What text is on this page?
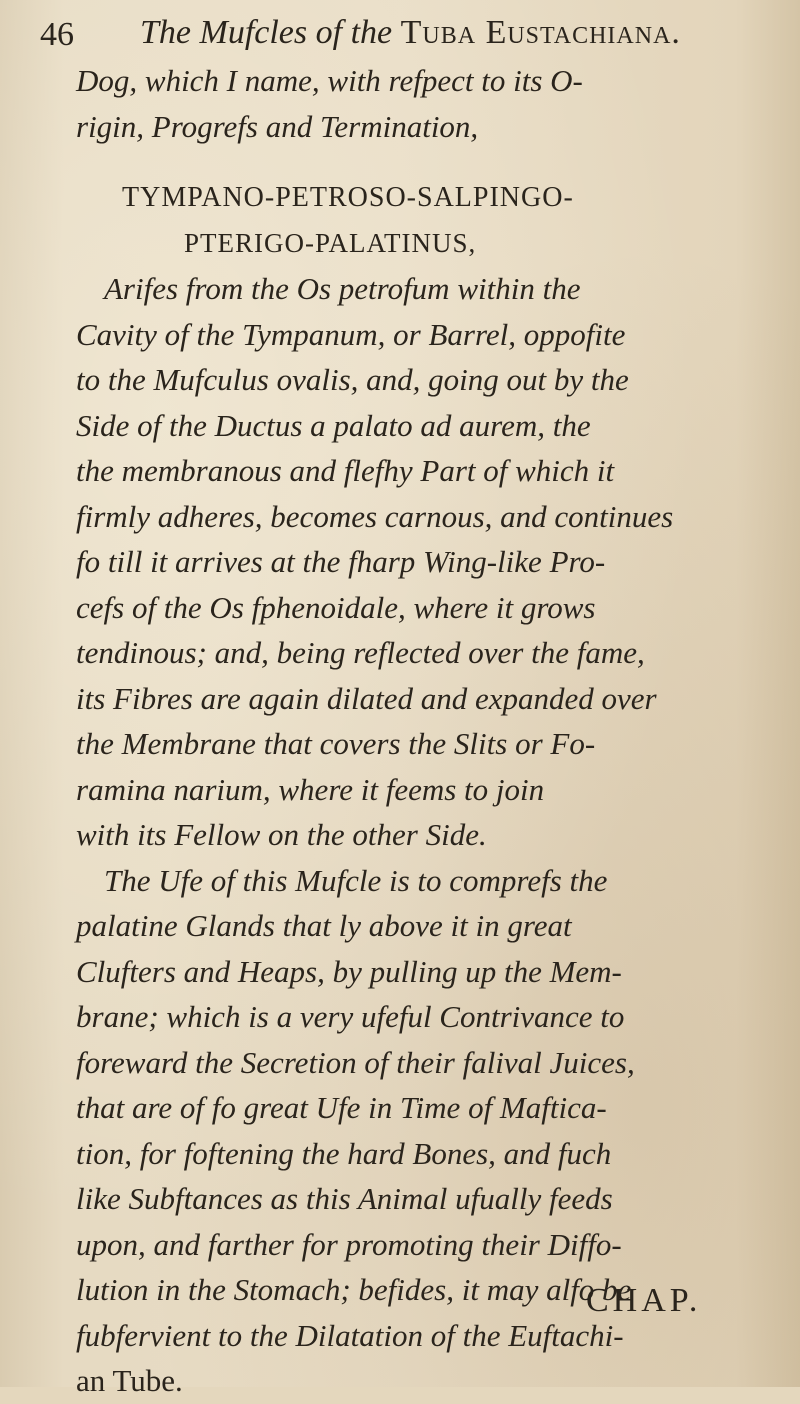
46 The Mufcles of the Tuba Eustachiana.
Dog, which I name, with refpect to its O-
rigin, Progrefs and Termination,
TYMPANO-PETROSO-SALPINGO-
PTERIGO-PALATINUS,
Arifes from the Os petrofum within the
Cavity of the Tympanum, or Barrel, oppofite
to the Mufculus ovalis, and, going out by the
Side of the Ductus a palato ad aurem, the
the membranous and flefhy Part of which it
firmly adheres, becomes carnous, and continues
fo till it arrives at the fharp Wing-like Pro-
cefs of the Os fphenoidale, where it grows
tendinous; and, being reflected over the fame,
its Fibres are again dilated and expanded over
the Membrane that covers the Slits or Fo-
ramina narium, where it feems to join
with its Fellow on the other Side.
The Ufe of this Mufcle is to comprefs the
palatine Glands that ly above it in great
Clufters and Heaps, by pulling up the Mem-
brane; which is a very ufeful Contrivance to
foreward the Secretion of their falival Juices,
that are of fo great Ufe in Time of Maftica-
tion, for foftening the hard Bones, and fuch
like Subftances as this Animal ufually feeds
upon, and farther for promoting their Diffo-
lution in the Stomach; befides, it may alfo be
fubfervient to the Dilatation of the Euftachi-
an Tube.
CHAP.
